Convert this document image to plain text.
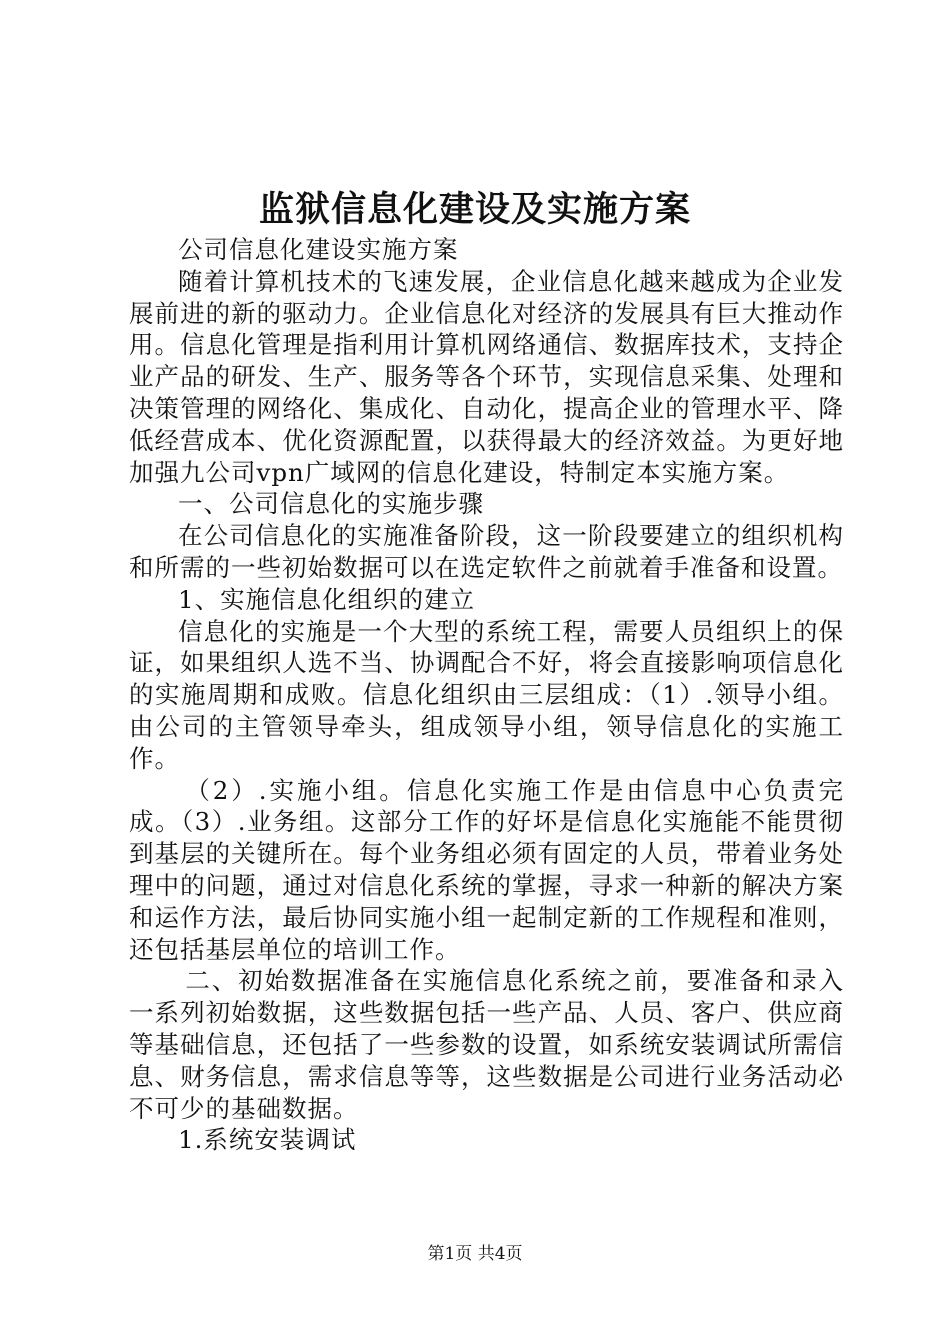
监狱信息化建设及实施方案

公司信息化建设实施方案

随着计算机技术的飞速发展，企业信息化越来越成为企业发展前进的新的驱动力。企业信息化对经济的发展具有巨大推动作用。信息化管理是指利用计算机网络通信、数据库技术，支持企业产品的研发、生产、服务等各个环节，实现信息采集、处理和决策管理的网络化、集成化、自动化，提高企业的管理水平、降低经营成本、优化资源配置，以获得最大的经济效益。为更好地加强九公司vpn广域网的信息化建设，特制定本实施方案。

一、公司信息化的实施步骤

在公司信息化的实施准备阶段，这一阶段要建立的组织机构和所需的一些初始数据可以在选定软件之前就着手准备和设置。

1、实施信息化组织的建立

信息化的实施是一个大型的系统工程，需要人员组织上的保证，如果组织人选不当、协调配合不好，将会直接影响项信息化的实施周期和成败。信息化组织由三层组成：（1）.领导小组。由公司的主管领导牵头，组成领导小组，领导信息化的实施工作。

（2）.实施小组。信息化实施工作是由信息中心负责完成。（3）.业务组。这部分工作的好坏是信息化实施能不能贯彻到基层的关键所在。每个业务组必须有固定的人员，带着业务处理中的问题，通过对信息化系统的掌握，寻求一种新的解决方案和运作方法，最后协同实施小组一起制定新的工作规程和准则，还包括基层单位的培训工作。

二、初始数据准备在实施信息化系统之前，要准备和录入一系列初始数据，这些数据包括一些产品、人员、客户、供应商等基础信息，还包括了一些参数的设置，如系统安装调试所需信息、财务信息，需求信息等等，这些数据是公司进行业务活动必不可少的基础数据。

1.系统安装调试

第1页 共4页
